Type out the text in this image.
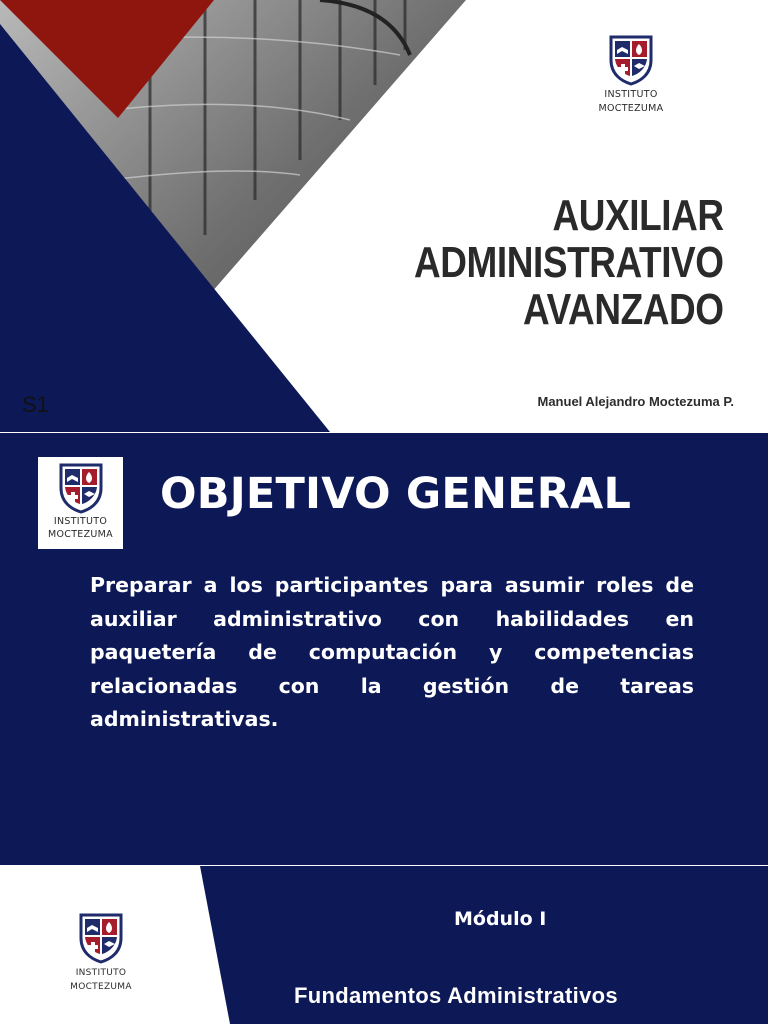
INSTITUTO
MOCTEZUMA
AUXILIAR
ADMINISTRATIVO
AVANZADO
Manuel Alejandro Moctezuma P.
S1
INSTITUTO
MOCTEZUMA
OBJETIVO GENERAL

Preparar a los participantes para asumir roles de auxiliar administrativo con habilidades en paquetería de computación y competencias relacionadas con la gestión de tareas administrativas.

INSTITUTO
MOCTEZUMA
Módulo I
Fundamentos Administrativos
